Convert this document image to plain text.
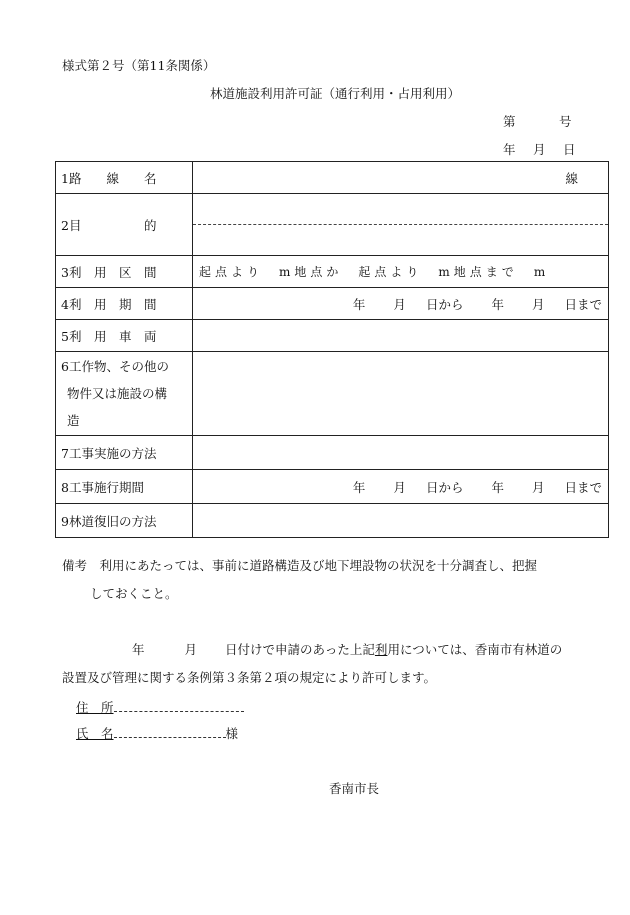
様式第２号（第11条関係）
林道施設利用許可証（通行利用・占用利用）
第	号
年 月 日
1路　　線　　名	線
2目　　　　　的	

3利　用　区　間	起点より m地点か 起点より m地点まで m
4利　用　期　間	年 月 日から 年 月 日まで
5利　用　車　両	

6工作物、その他の
物件又は施設の構
造	

7工事実施の方法	
8工事施行期間	年 月 日から 年 月 日まで
9林道復旧の方法	
備考　利用にあたっては、事前に道路構造及び地下埋設物の状況を十分調査し、把握
しておくこと。
年	月 日付けで申請のあった上記利用については、香南市有林道の
設置及び管理に関する条例第３条第２項の規定により許可します。
住　所
氏　名	様
香南市長
